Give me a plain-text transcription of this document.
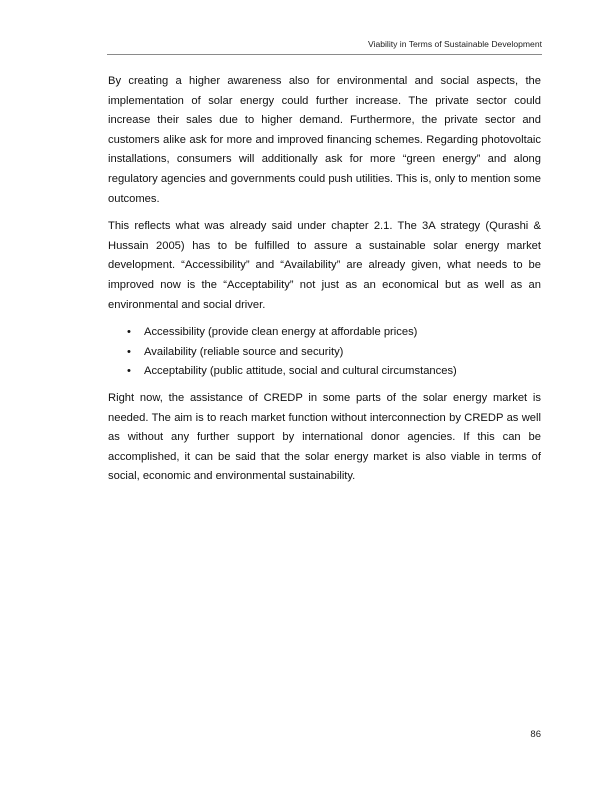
Viability in Terms of Sustainable Development

By creating a higher awareness also for environmental and social aspects, the implementation of solar energy could further increase. The private sector could increase their sales due to higher demand. Furthermore, the private sector and customers alike ask for more and improved financing schemes. Regarding photovoltaic installations, consumers will additionally ask for more “green energy” and along regulatory agencies and governments could push utilities. This is, only to mention some outcomes.

This reflects what was already said under chapter 2.1. The 3A strategy (Qurashi & Hussain 2005) has to be fulfilled to assure a sustainable solar energy market development. “Accessibility” and “Availability” are already given, what needs to be improved now is the “Acceptability” not just as an economical but as well as an environmental and social driver.

• Accessibility (provide clean energy at affordable prices)
• Availability (reliable source and security)
• Acceptability (public attitude, social and cultural circumstances)

Right now, the assistance of CREDP in some parts of the solar energy market is needed. The aim is to reach market function without interconnection by CREDP as well as without any further support by international donor agencies. If this can be accomplished, it can be said that the solar energy market is also viable in terms of social, economic and environmental sustainability.

86
